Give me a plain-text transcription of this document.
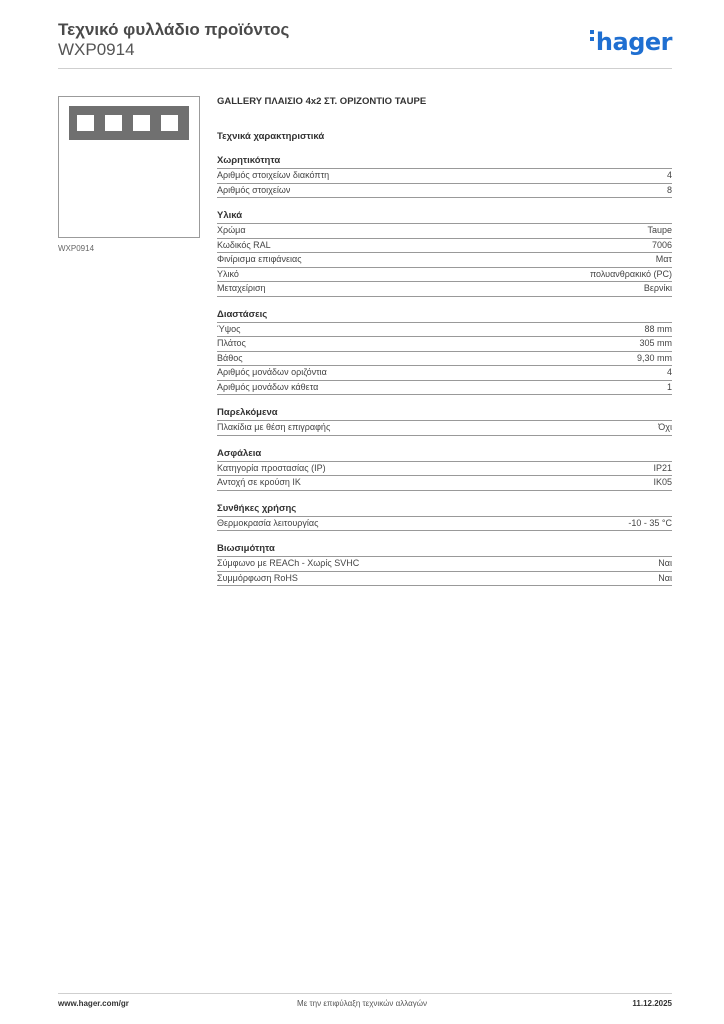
Τεχνικό φυλλάδιο προϊόντος
WXP0914	hager
WXP0914
GALLERY ΠΛΑΙΣΙΟ 4x2 ΣΤ. ΟΡΙΖΟΝΤΙΟ TAUPE
Τεχνικά χαρακτηριστικά
Χωρητικότητα
Αριθμός στοιχείων διακόπτη	4
Αριθμός στοιχείων	8
Υλικά
Χρώμα	Taupe
Κωδικός RAL	7006
Φινίρισμα επιφάνειας	Ματ
Υλικό	πολυανθρακικό (PC)
Μεταχείριση	Βερνίκι
Διαστάσεις
Ύψος	88 mm
Πλάτος	305 mm
Βάθος	9,30 mm
Αριθμός μονάδων οριζόντια	4
Αριθμός μονάδων κάθετα	1
Παρελκόμενα
Πλακίδια με θέση επιγραφής	Όχι
Ασφάλεια
Κατηγορία προστασίας (IP)	IP21
Αντοχή σε κρούση IK	IK05
Συνθήκες χρήσης
Θερμοκρασία λειτουργίας	-10 - 35 °C
Βιωσιμότητα
Σύμφωνο με REACh - Χωρίς SVHC	Ναι
Συμμόρφωση RoHS	Ναι
www.hager.com/gr	Με την επιφύλαξη τεχνικών αλλαγών	11.12.2025
